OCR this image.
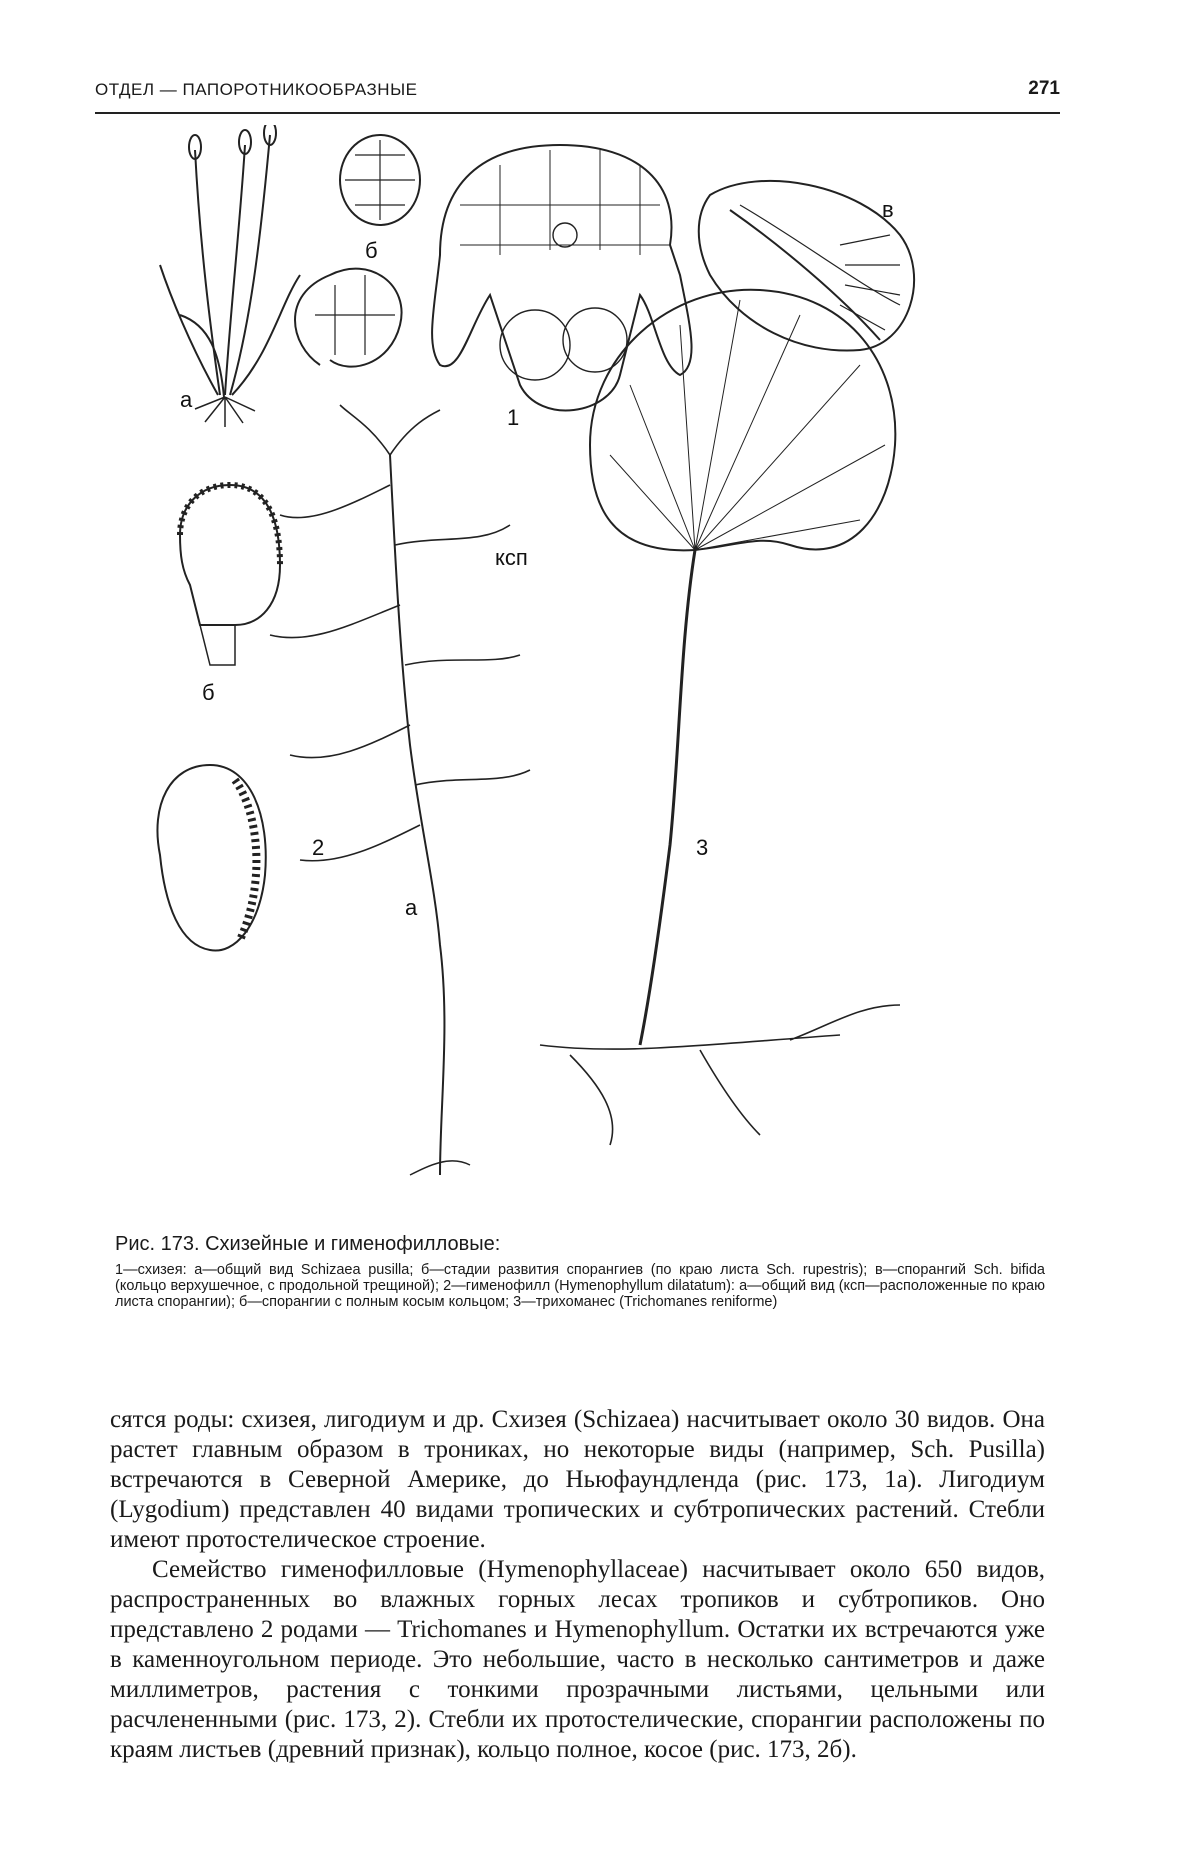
ОТДЕЛ — ПАПОРОТНИКООБРАЗНЫЕ	271
а
б
в
1
б
ксп
2
а
3

Рис. 173. Схизейные и гименофилловые:

1—схизея: а—общий вид Schizaea pusilla; б—стадии развития спорангиев (по краю листа Sch. rupestris); в—спорангий Sch. bifida (кольцо верхушечное, с продольной трещиной); 2—гименофилл (Hymenophyllum dilatatum): а—общий вид (ксп—расположенные по краю листа спорангии); б—спорангии с полным косым кольцом; 3—трихоманес (Trichomanes reniforme)

сятся роды: схизея, лигодиум и др. Схизея (Schizaea) насчитывает около 30 видов. Она растет главным образом в трониках, но некоторые виды (например, Sch. Pusilla) встречаются в Северной Америке, до Ньюфаундленда (рис. 173, 1а). Лигодиум (Lygodium) представлен 40 видами тропических и субтропических растений. Стебли имеют протостелическое строение.

Семейство гименофилловые (Hymenophyllaceae) насчитывает около 650 видов, распространенных во влажных горных лесах тропиков и субтропиков. Оно представлено 2 родами — Trichomanes и Hymenophyllum. Остатки их встречаются уже в каменноугольном периоде. Это небольшие, часто в несколько сантиметров и даже миллиметров, растения с тонкими прозрачными листьями, цельными или расчлененными (рис. 173, 2). Стебли их протостелические, спорангии расположены по краям листьев (древний признак), кольцо полное, косое (рис. 173, 2б).
